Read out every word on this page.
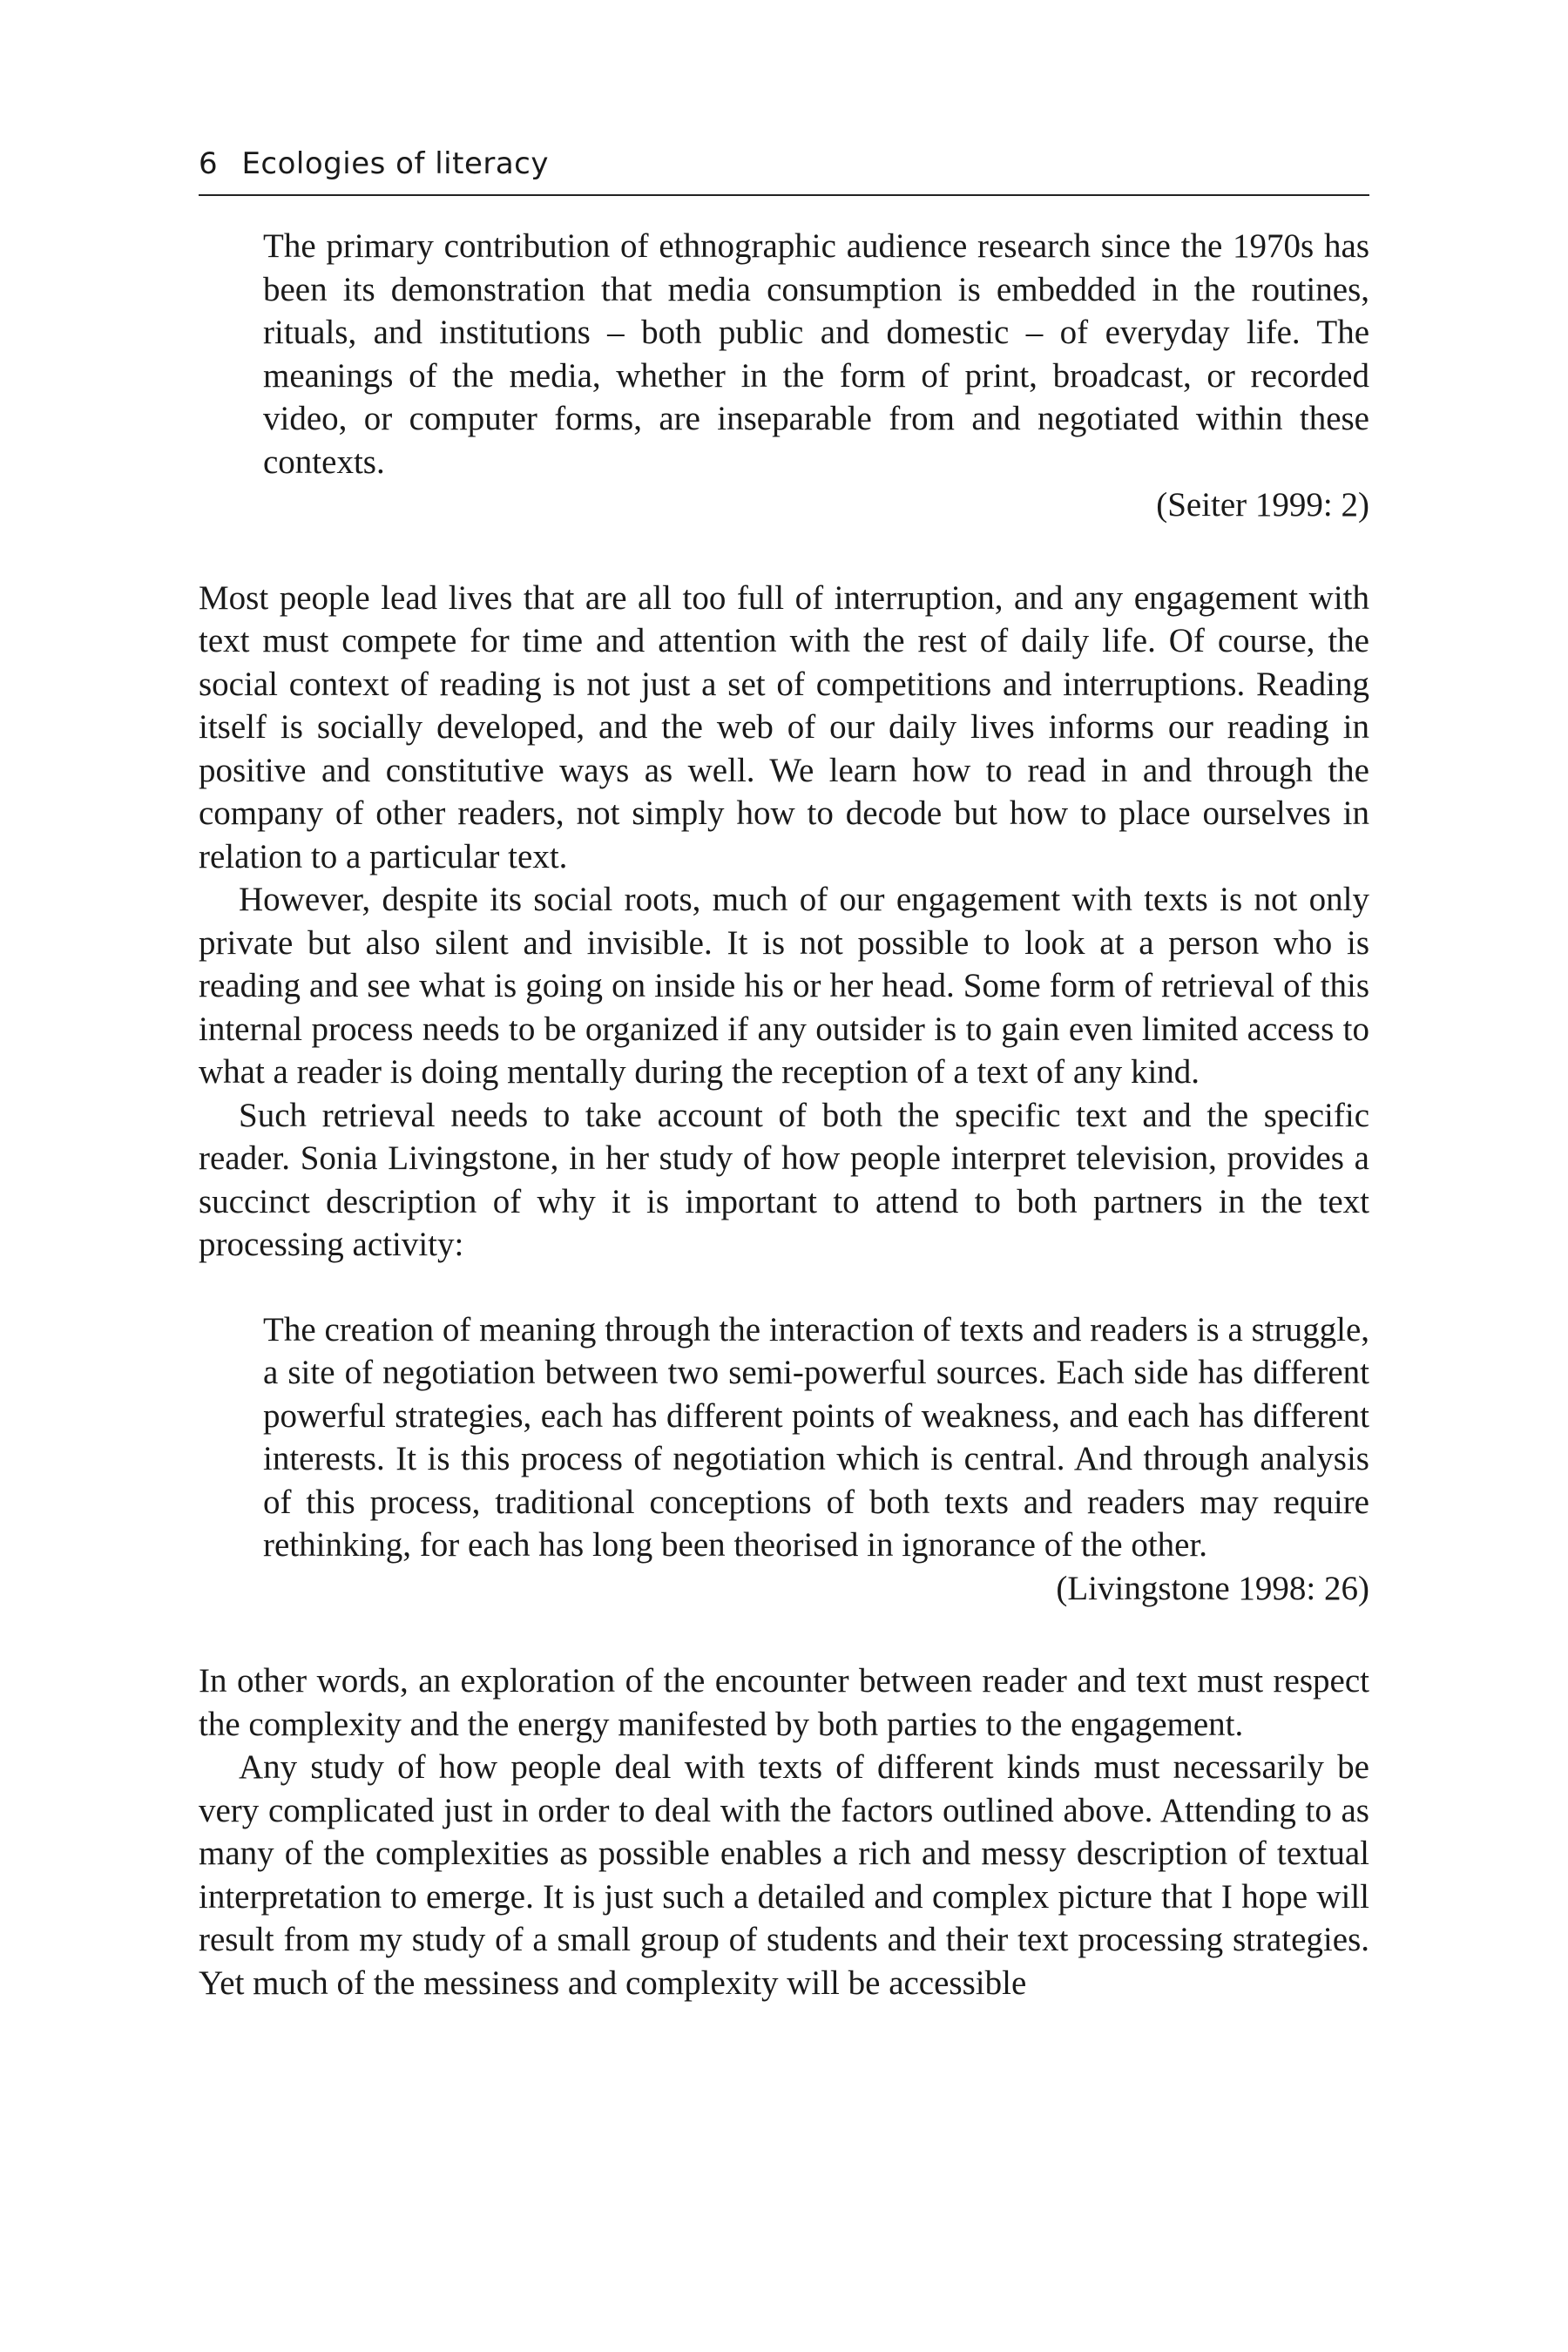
6 Ecologies of literacy

The primary contribution of ethnographic audience research since the 1970s has been its demonstration that media consumption is embedded in the routines, rituals, and institutions – both public and domestic – of everyday life. The meanings of the media, whether in the form of print, broadcast, or recorded video, or computer forms, are inseparable from and negotiated within these contexts.

(Seiter 1999: 2)

Most people lead lives that are all too full of interruption, and any engagement with text must compete for time and attention with the rest of daily life. Of course, the social context of reading is not just a set of competitions and interruptions. Reading itself is socially developed, and the web of our daily lives informs our reading in positive and constitutive ways as well. We learn how to read in and through the company of other readers, not simply how to decode but how to place ourselves in relation to a particular text.

However, despite its social roots, much of our engagement with texts is not only private but also silent and invisible. It is not possible to look at a person who is reading and see what is going on inside his or her head. Some form of retrieval of this internal process needs to be organized if any outsider is to gain even limited access to what a reader is doing mentally during the reception of a text of any kind.

Such retrieval needs to take account of both the specific text and the specific reader. Sonia Livingstone, in her study of how people interpret television, provides a succinct description of why it is important to attend to both partners in the text processing activity:

The creation of meaning through the interaction of texts and readers is a struggle, a site of negotiation between two semi-powerful sources. Each side has different powerful strategies, each has different points of weakness, and each has different interests. It is this process of negotiation which is central. And through analysis of this process, traditional conceptions of both texts and readers may require rethinking, for each has long been theorised in ignorance of the other.

(Livingstone 1998: 26)

In other words, an exploration of the encounter between reader and text must respect the complexity and the energy manifested by both parties to the engagement.

Any study of how people deal with texts of different kinds must necessarily be very complicated just in order to deal with the factors outlined above. Attending to as many of the complexities as possible enables a rich and messy description of textual interpretation to emerge. It is just such a detailed and complex picture that I hope will result from my study of a small group of students and their text processing strategies. Yet much of the messiness and complexity will be accessible
